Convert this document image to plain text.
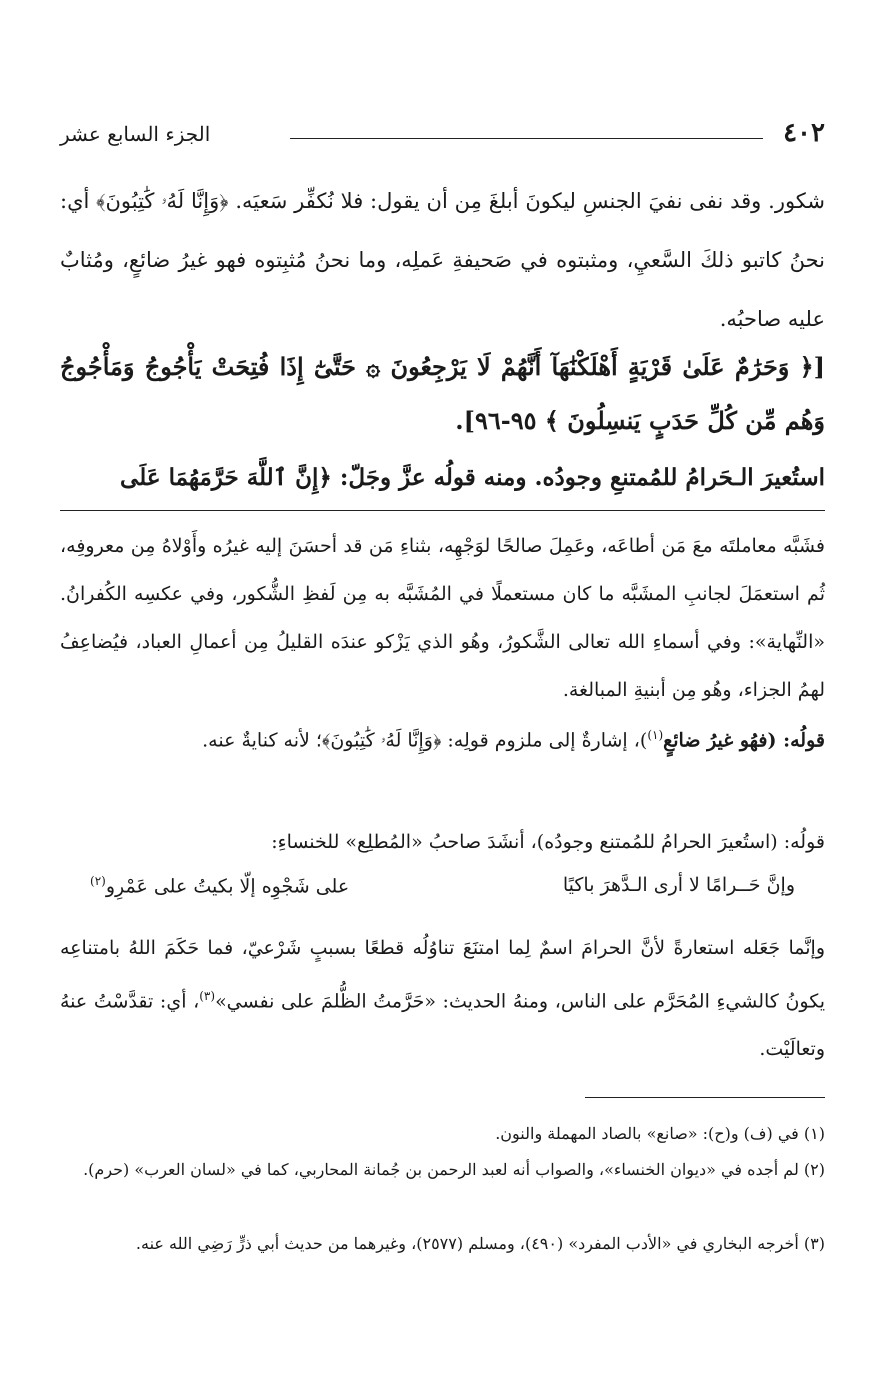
٤٠٢
الجزء السابع عشر

شكور. وقد نفى نفيَ الجنسِ ليكونَ أبلغَ مِن أن يقول: فلا نُكفِّر سَعيَه. ﴿وَإِنَّا لَهُۥ كَٰتِبُونَ﴾ أي: نحنُ كاتبو ذلكَ السَّعيِ، ومثبتوه في صَحيفةِ عَملِه، وما نحنُ مُثبِتوه فهو غيرُ ضائعٍ، ومُثابٌ عليه صاحبُه.

[﴿ وَحَرَٰمٌ عَلَىٰ قَرْيَةٍ أَهْلَكْنَٰهَآ أَنَّهُمْ لَا يَرْجِعُونَ ۞ حَتَّىٰٓ إِذَا فُتِحَتْ يَأْجُوجُ وَمَأْجُوجُ وَهُم مِّن كُلِّ حَدَبٍ يَنسِلُونَ ﴾ ٩٥-٩٦].

استُعيرَ الـحَرامُ للمُمتنعِ وجودُه. ومنه قولُه عزَّ وجَلّ: ﴿إِنَّ ٱللَّهَ حَرَّمَهُمَا عَلَى

فشَبَّه معاملتَه معَ مَن أطاعَه، وعَمِلَ صالحًا لوَجْهِه، بثناءِ مَن قد أحسَنَ إليه غيرُه وأَوْلاهُ مِن معروفِه، ثُم استعمَلَ لجانبِ المشَبَّه ما كان مستعملًا في المُشَبَّه به مِن لَفظِ الشُّكور، وفي عكسِه الكُفرانُ. «النِّهاية»: وفي أسماءِ الله تعالى الشَّكورُ، وهُو الذي يَزْكو عندَه القليلُ مِن أعمالِ العباد، فيُضاعِفُ لهمُ الجزاء، وهُو مِن أبنيةِ المبالغة.

قولُه: (فهُو غيرُ ضائعٍ$^{(١)}$)، إشارةٌ إلى ملزوم قولِه: ﴿وَإِنَّا لَهُۥ كَٰتِبُونَ﴾؛ لأنه كنايةٌ عنه.

قولُه: (استُعيرَ الحرامُ للمُمتنع وجودُه)، أنشَدَ صاحبُ «المُطلِع» للخنساءِ:

وإنَّ حَــرامًا لا أرى الـدَّهرَ باكيًا
على شَجْوِه إلّا بكيتُ على عَمْرِو$^{(٢)}$

وإنَّما جَعَله استعارةً لأنَّ الحرامَ اسمٌ لِما امتنَعَ تناوُلُه قطعًا بسببٍ شَرْعيّ، فما حَكَمَ اللهُ بامتناعِه يكونُ كالشيءِ المُحَرَّم على الناس، ومنهُ الحديث: «حَرَّمتُ الظُّلمَ على نفسي»$^{(٣)}$، أي: تقدَّسْتُ عنهُ وتعالَيْت.

(١) في (ف) و(ح): «صانع» بالصاد المهملة والنون.

(٢) لم أجده في «ديوان الخنساء»، والصواب أنه لعبد الرحمن بن جُمانة المحاربي، كما في «لسان العرب» (حرم).

(٣) أخرجه البخاري في «الأدب المفرد» (٤٩٠)، ومسلم (٢٥٧٧)، وغيرهما من حديث أبي ذرٍّ رَضِي الله عنه.
